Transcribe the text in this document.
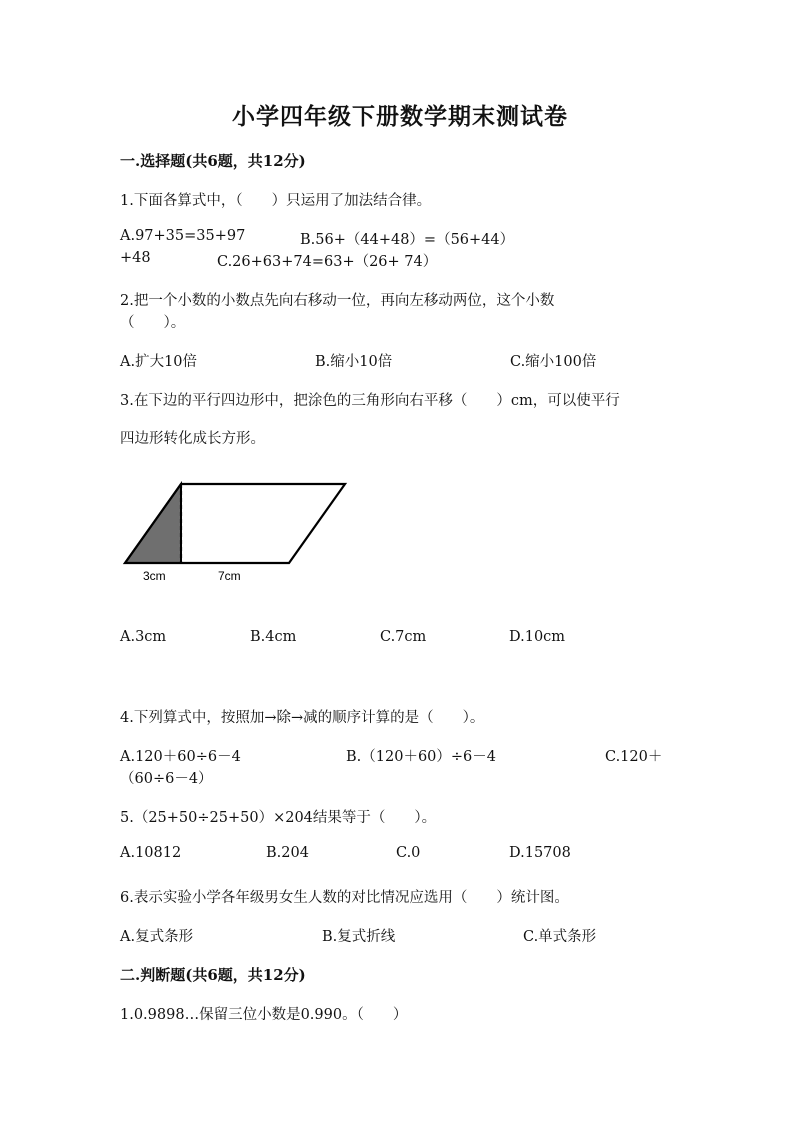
小学四年级下册数学期末测试卷
一.选择题(共6题，共12分)
1.下面各算式中，（　　）只运用了加法结合律。
A.97+35=35+97	B.56+（44+48）=（56+44）
+48	C.26+63+74=63+（26+ 74）
2.把一个小数的小数点先向右移动一位，再向左移动两位，这个小数
（　　）。
A.扩大10倍	B.缩小10倍	C.缩小100倍
3.在下边的平行四边形中，把涂色的三角形向右平移（　　）cm，可以使平行
四边形转化成长方形。
3cm	7cm
A.3cm	B.4cm	C.7cm	D.10cm
4.下列算式中，按照加→除→减的顺序计算的是（　　）。
A.120＋60÷6－4	B.（120＋60）÷6－4	C.120＋
（60÷6－4）
5.（25+50÷25+50）×204结果等于（　　）。
A.10812	B.204	C.0	D.15708
6.表示实验小学各年级男女生人数的对比情况应选用（　　）统计图。
A.复式条形	B.复式折线	C.单式条形
二.判断题(共6题，共12分)
1.0.9898…保留三位小数是0.990。（　　）
